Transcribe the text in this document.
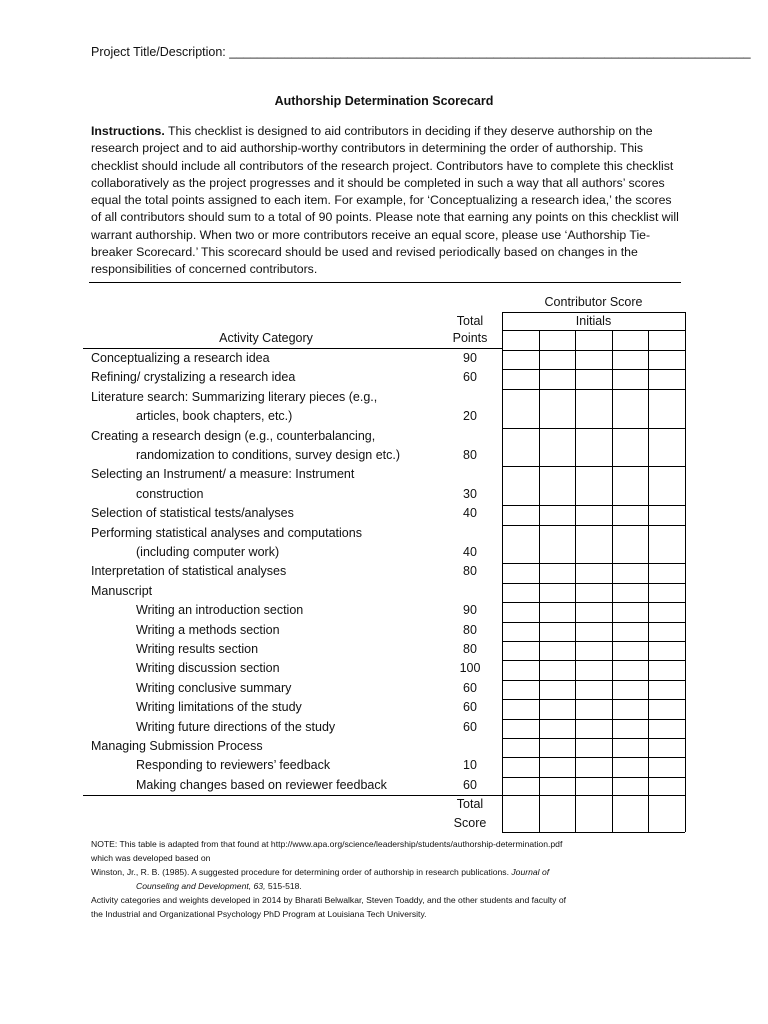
Project Title/Description: ___________________________________________________________________________
Authorship Determination Scorecard
Instructions. This checklist is designed to aid contributors in deciding if they deserve authorship on the research project and to aid authorship-worthy contributors in determining the order of authorship. This checklist should include all contributors of the research project. Contributors have to complete this checklist collaboratively as the project progresses and it should be completed in such a way that all authors’ scores equal the total points assigned to each item. For example, for ‘Conceptualizing a research idea,’ the scores of all contributors should sum to a total of 90 points. Please note that earning any points on this checklist will warrant authorship. When two or more contributors receive an equal score, please use ‘Authorship Tie-breaker Scorecard.’ This scorecard should be used and revised periodically based on changes in the responsibilities of concerned contributors.
Contributor Score
Initials
Total
Points
Activity Category
Conceptualizing a research idea	90
Refining/ crystalizing a research idea	60
Literature search: Summarizing literary pieces (e.g.,
articles, book chapters, etc.)	20
Creating a research design (e.g., counterbalancing,
randomization to conditions, survey design etc.)	80
Selecting an Instrument/ a measure: Instrument
construction	30
Selection of statistical tests/analyses	40
Performing statistical analyses and computations
(including computer work)	40
Interpretation of statistical analyses	80
Manuscript
Writing an introduction section	90
Writing a methods section	80
Writing results section	80
Writing discussion section	100
Writing conclusive summary	60
Writing limitations of the study	60
Writing future directions of the study	60
Managing Submission Process
Responding to reviewers’ feedback	10
Making changes based on reviewer feedback	60
Total
Score
NOTE: This table is adapted from that found at http://www.apa.org/science/leadership/students/authorship-determination.pdf
which was developed based on
Winston, Jr., R. B. (1985). A suggested procedure for determining order of authorship in research publications. Journal of

Counseling and Development, 63, 515-518.
Activity categories and weights developed in 2014 by Bharati Belwalkar, Steven Toaddy, and the other students and faculty of
the Industrial and Organizational Psychology PhD Program at Louisiana Tech University.
